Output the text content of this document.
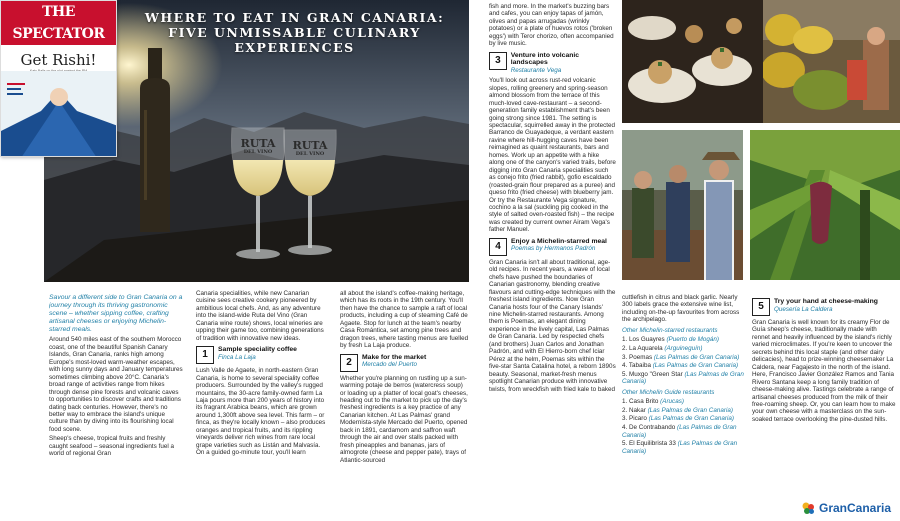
RUTA
DEL VINO	RUTA
DEL VINO
WHERE TO EAT IN GRAN CANARIA:
FIVE UNMISSABLE CULINARY
EXPERIENCES
THE SPECTATOR
Get Rishi!

Savour a different side to Gran Canaria on a journey through its thriving gastronomic scene – whether sipping coffee, crafting artisanal cheeses or enjoying Michelin-starred meals.

Around 540 miles east of the southern Morocco coast, one of the beautiful Spanish Canary Islands, Gran Canaria, ranks high among Europe's most-loved warm-weather escapes, with long sunny days and January temperatures sometimes climbing above 20°C. Canaria's broad range of activities range from hikes through dense pine forests and volcanic caves to opportunities to discover crafts and traditions dating back centuries. However, there's no better way to embrace the island's unique culture than by diving into its flourishing local food scene.

Sheep's cheese, tropical fruits and freshly caught seafood – seasonal ingredients fuel a world of regional Gran

Canaria specialities, while new Canarian cuisine sees creative cookery pioneered by ambitious local chefs. And, as any adventure into the island-wide Ruta del Vino (Gran Canaria wine route) shows, local wineries are upping their game too, combining generations of tradition with innovative new ideas.

1	Sample speciality coffee
Finca La Laja

Lush Valle de Agaete, in north-eastern Gran Canaria, is home to several speciality coffee producers. Surrounded by the valley's rugged mountains, the 30-acre family-owned farm La Laja pours more than 200 years of history into its fragrant Arabica beans, which are grown around 1,300ft above sea level. This farm – or finca, as they're locally known – also produces oranges and tropical fruits, and its rippling vineyards deliver rich wines from rare local grape varieties such as Listán and Malvasía. On a guided go-minute tour, you'll learn

all about the island's coffee-making heritage, which has its roots in the 19th century. You'll then have the chance to sample a raft of local products, including a cup of steaming Café de Agaete. Stop for lunch at the team's nearby Casa Romántica, set among pine trees and dragon trees, where tasting menus are fuelled by fresh La Laja produce.

2	Make for the market
Mercado del Puerto

Whether you're planning on rustling up a sun-warming potaje de berros (watercress soup) or loading up a platter of local goat's cheeses, heading out to the market to pick up the day's freshest ingredients is a key practice of any Canarian kitchen. At Las Palmas' grand Modernista-style Mercado del Puerto, opened back in 1891, cardamom and saffron waft through the air and over stalls packed with fresh pineapples and bananas, jars of almogrote (cheese and pepper pate), trays of Atlantic-sourced

fish and more. In the market's buzzing bars and cafes, you can enjoy tapas of jamón, olives and papas arrugadas (wrinkly potatoes) or a plate of huevos rotos ('broken eggs') with Teror chorizo, often accompanied by live music.

3	Venture into volcanic landscapes
Restaurante Vega

You'll look out across rust-red volcanic slopes, rolling greenery and spring-season almond blossom from the terrace of this much-loved cave-restaurant – a second-generation family establishment that's been going strong since 1981. The setting is spectacular, squirrelled away in the protected Barranco de Guayadeque, a verdant eastern ravine where hill-hugging caves have been reimagined as quaint restaurants, bars and homes. Work up an appetite with a hike along one of the canyon's varied trails, before digging into Gran Canaria specialities such as conejo frito (fried rabbit), gofio escaldado (roasted-grain flour prepared as a puree) and queso frito (fried cheese) with blueberry jam. Or try the Restaurante Vega signature, cochino a la sal (suckling pig cooked in the style of salted oven-roasted fish) – the recipe was created by current owner Airam Vega's father Manuel.

4	Enjoy a Michelin-starred meal
Poemas by Hermanos Padrón

Gran Canaria isn't all about traditional, age-old recipes. In recent years, a wave of local chefs have pushed the boundaries of Canarian gastronomy, blending creative flavours and cutting-edge techniques with the freshest island ingredients. Now Gran Canaria hosts four of the Canary Islands' nine Michelin-starred restaurants. Among them is Poemas, an elegant dining experience in the lively capital, Las Palmas de Gran Canaria. Led by respected chefs (and brothers) Juan Carlos and Jonathan Padrón, and with El Hierro-born chef Iciar Pérez at the helm, Poemas sits within the five-star Santa Catalina hotel, a reborn 1890s beauty. Seasonal, market-fresh menus spotlight Canarian produce with innovative twists, from wreckfish with fried kale to baked

cuttlefish in citrus and black garlic. Nearly 300 labels grace the extensive wine list, including on-the-up favourites from across the archipelago.

Other Michelin-starred restaurants
1. Los Guayres (Puerto de Mogán)
2. La Aquarela (Arguineguín)
3. Poemas (Las Palmas de Gran Canaria)
4. Tabaiba (Las Palmas de Gran Canaria)
5. Muxgo "Green Star (Las Palmas de Gran Canaria)
Other Michelin Guide restaurants
1. Casa Brito (Arucas)
2. Nakar (Las Palmas de Gran Canaria)
3. Picaro (Las Palmas de Gran Canaria)
4. De Contrabando (Las Palmas de Gran Canaria)
5. El Equilibrista 33 (Las Palmas de Gran Canaria)
5	Try your hand at cheese-making
Quesería La Caldera

Gran Canaria is well known for its creamy Flor de Guía sheep's cheese, traditionally made with rennet and heavily influenced by the island's richly varied microclimates. If you're keen to uncover the secrets behind this local staple (and other dairy delicacies), head to prize-winning cheesemaker La Caldera, near Fagajesto in the north of the island. Here, Francisco Javier González Ramos and Tania Rivero Santana keep a long family tradition of cheese-making alive. Tastings celebrate a range of artisanal cheeses produced from the milk of their free-roaming sheep. Or, you can learn how to make your own cheese with a masterclass on the sun-soaked terrace overlooking the pine-dusted hills.

GranCanaria
